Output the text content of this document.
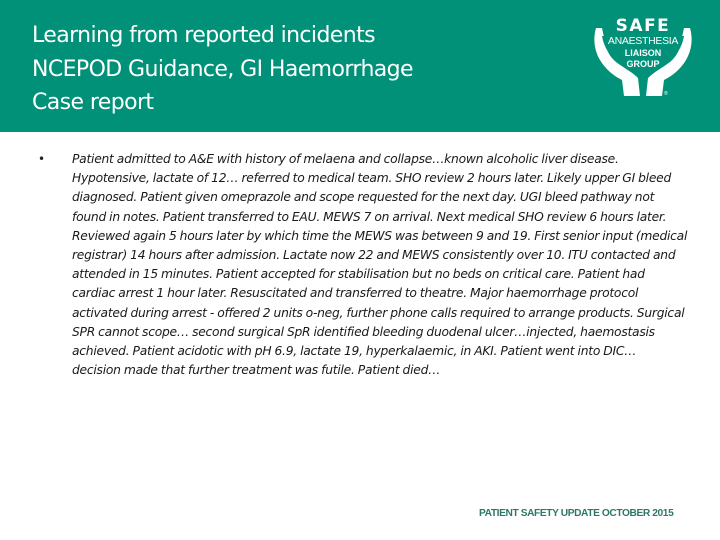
Learning from reported incidents
NCEPOD Guidance, GI Haemorrhage
Case report
SAFE
ANAESTHESIA
LIAISON
GROUP
®
• Patient admitted to A&E with history of melaena and collapse…known alcoholic liver disease. Hypotensive, lactate of 12… referred to medical team. SHO review 2 hours later. Likely upper GI bleed diagnosed. Patient given omeprazole and scope requested for the next day. UGI bleed pathway not found in notes. Patient transferred to EAU. MEWS 7 on arrival. Next medical SHO review 6 hours later. Reviewed again 5 hours later by which time the MEWS was between 9 and 19. First senior input (medical registrar) 14 hours after admission. Lactate now 22 and MEWS consistently over 10. ITU contacted and attended in 15 minutes. Patient accepted for stabilisation but no beds on critical care. Patient had cardiac arrest 1 hour later. Resuscitated and transferred to theatre. Major haemorrhage protocol activated during arrest - offered 2 units o-neg, further phone calls required to arrange products. Surgical SPR cannot scope… second surgical SpR identified bleeding duodenal ulcer…injected, haemostasis achieved. Patient acidotic with pH 6.9, lactate 19, hyperkalaemic, in AKI. Patient went into DIC… decision made that further treatment was futile. Patient died…
PATIENT SAFETY UPDATE OCTOBER 2015
